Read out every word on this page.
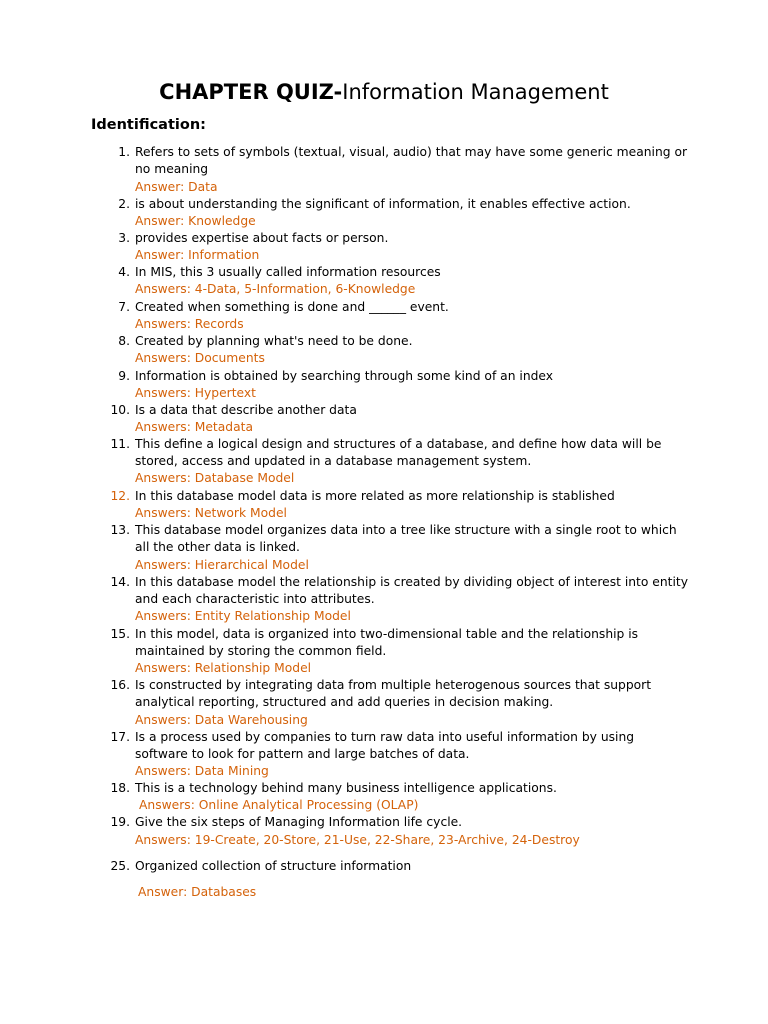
CHAPTER QUIZ-Information Management
Identification:
1. Refers to sets of symbols (textual, visual, audio) that may have some generic meaning or no meaning
Answer: Data
2. is about understanding the significant of information, it enables effective action.
Answer: Knowledge
3. provides expertise about facts or person.
Answer: Information
4. In MIS, this 3 usually called information resources
Answers: 4-Data, 5-Information, 6-Knowledge
7. Created when something is done and ______ event.
Answers: Records
8. Created by planning what's need to be done.
Answers: Documents
9. Information is obtained by searching through some kind of an index
Answers: Hypertext
10. Is a data that describe another data
Answers: Metadata
11. This define a logical design and structures of a database, and define how data will be stored, access and updated in a database management system.
Answers: Database Model
12. In this database model data is more related as more relationship is stablished
Answers: Network Model
13. This database model organizes data into a tree like structure with a single root to which all the other data is linked.
Answers: Hierarchical Model
14. In this database model the relationship is created by dividing object of interest into entity and each characteristic into attributes.
Answers: Entity Relationship Model
15. In this model, data is organized into two-dimensional table and the relationship is maintained by storing the common field.
Answers: Relationship Model
16. Is constructed by integrating data from multiple heterogenous sources that support analytical reporting, structured and add queries in decision making.
Answers: Data Warehousing
17. Is a process used by companies to turn raw data into useful information by using software to look for pattern and large batches of data.
Answers: Data Mining
18. This is a technology behind many business intelligence applications.
Answers: Online Analytical Processing (OLAP)
19. Give the six steps of Managing Information life cycle.
Answers: 19-Create, 20-Store, 21-Use, 22-Share, 23-Archive, 24-Destroy
25. Organized collection of structure information
Answer: Databases
